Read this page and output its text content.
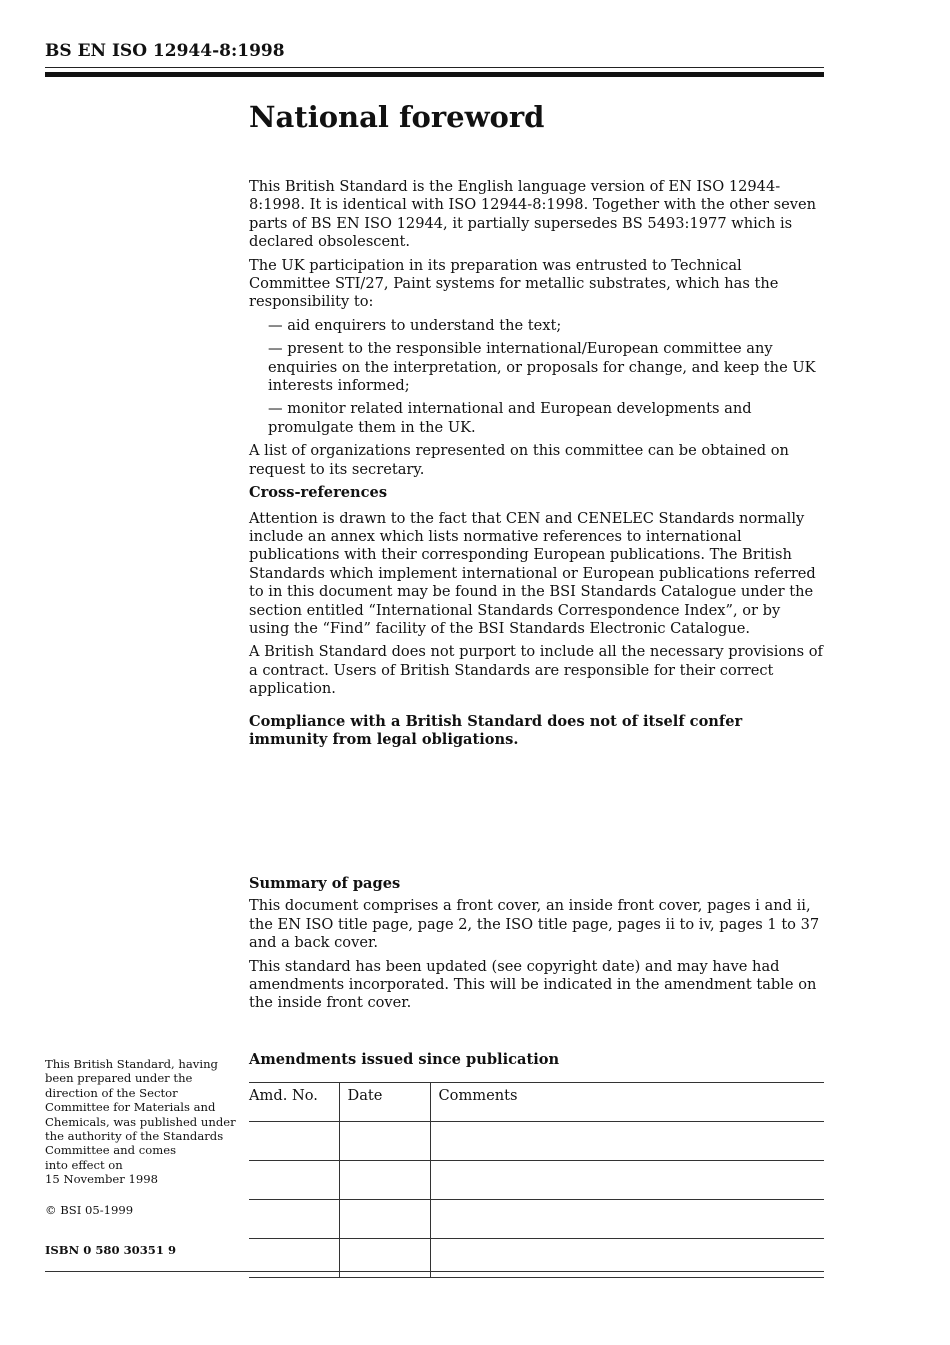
BS EN ISO 12944-8:1998
National foreword

This British Standard is the English language version of EN ISO 12944-8:1998. It is identical with ISO 12944-8:1998. Together with the other seven parts of BS EN ISO 12944, it partially supersedes BS 5493:1977 which is declared obsolescent.

The UK participation in its preparation was entrusted to Technical Committee STI/27, Paint systems for metallic substrates, which has the responsibility to:

— aid enquirers to understand the text;
— present to the responsible international/European committee any enquiries on the interpretation, or proposals for change, and keep the UK interests informed;
— monitor related international and European developments and promulgate them in the UK.

A list of organizations represented on this committee can be obtained on request to its secretary.

Cross-references

Attention is drawn to the fact that CEN and CENELEC Standards normally include an annex which lists normative references to international publications with their corresponding European publications. The British Standards which implement international or European publications referred to in this document may be found in the BSI Standards Catalogue under the section entitled “International Standards Correspondence Index”, or by using the “Find” facility of the BSI Standards Electronic Catalogue.

A British Standard does not purport to include all the necessary provisions of a contract. Users of British Standards are responsible for their correct application.

Compliance with a British Standard does not of itself confer immunity from legal obligations.

Summary of pages

This document comprises a front cover, an inside front cover, pages i and ii, the EN ISO title page, page 2, the ISO title page, pages ii to iv, pages 1 to 37 and a back cover.

This standard has been updated (see copyright date) and may have had amendments incorporated. This will be indicated in the amendment table on the inside front cover.

This British Standard, having

been prepared under the

direction of the Sector

Committee for Materials and

Chemicals, was published under

the authority of the Standards

Committee and comes

into effect on

15 November 1998

© BSI 05-1999

ISBN 0 580 30351 9

Amendments issued since publication
Amd. No.	Date	Comments
